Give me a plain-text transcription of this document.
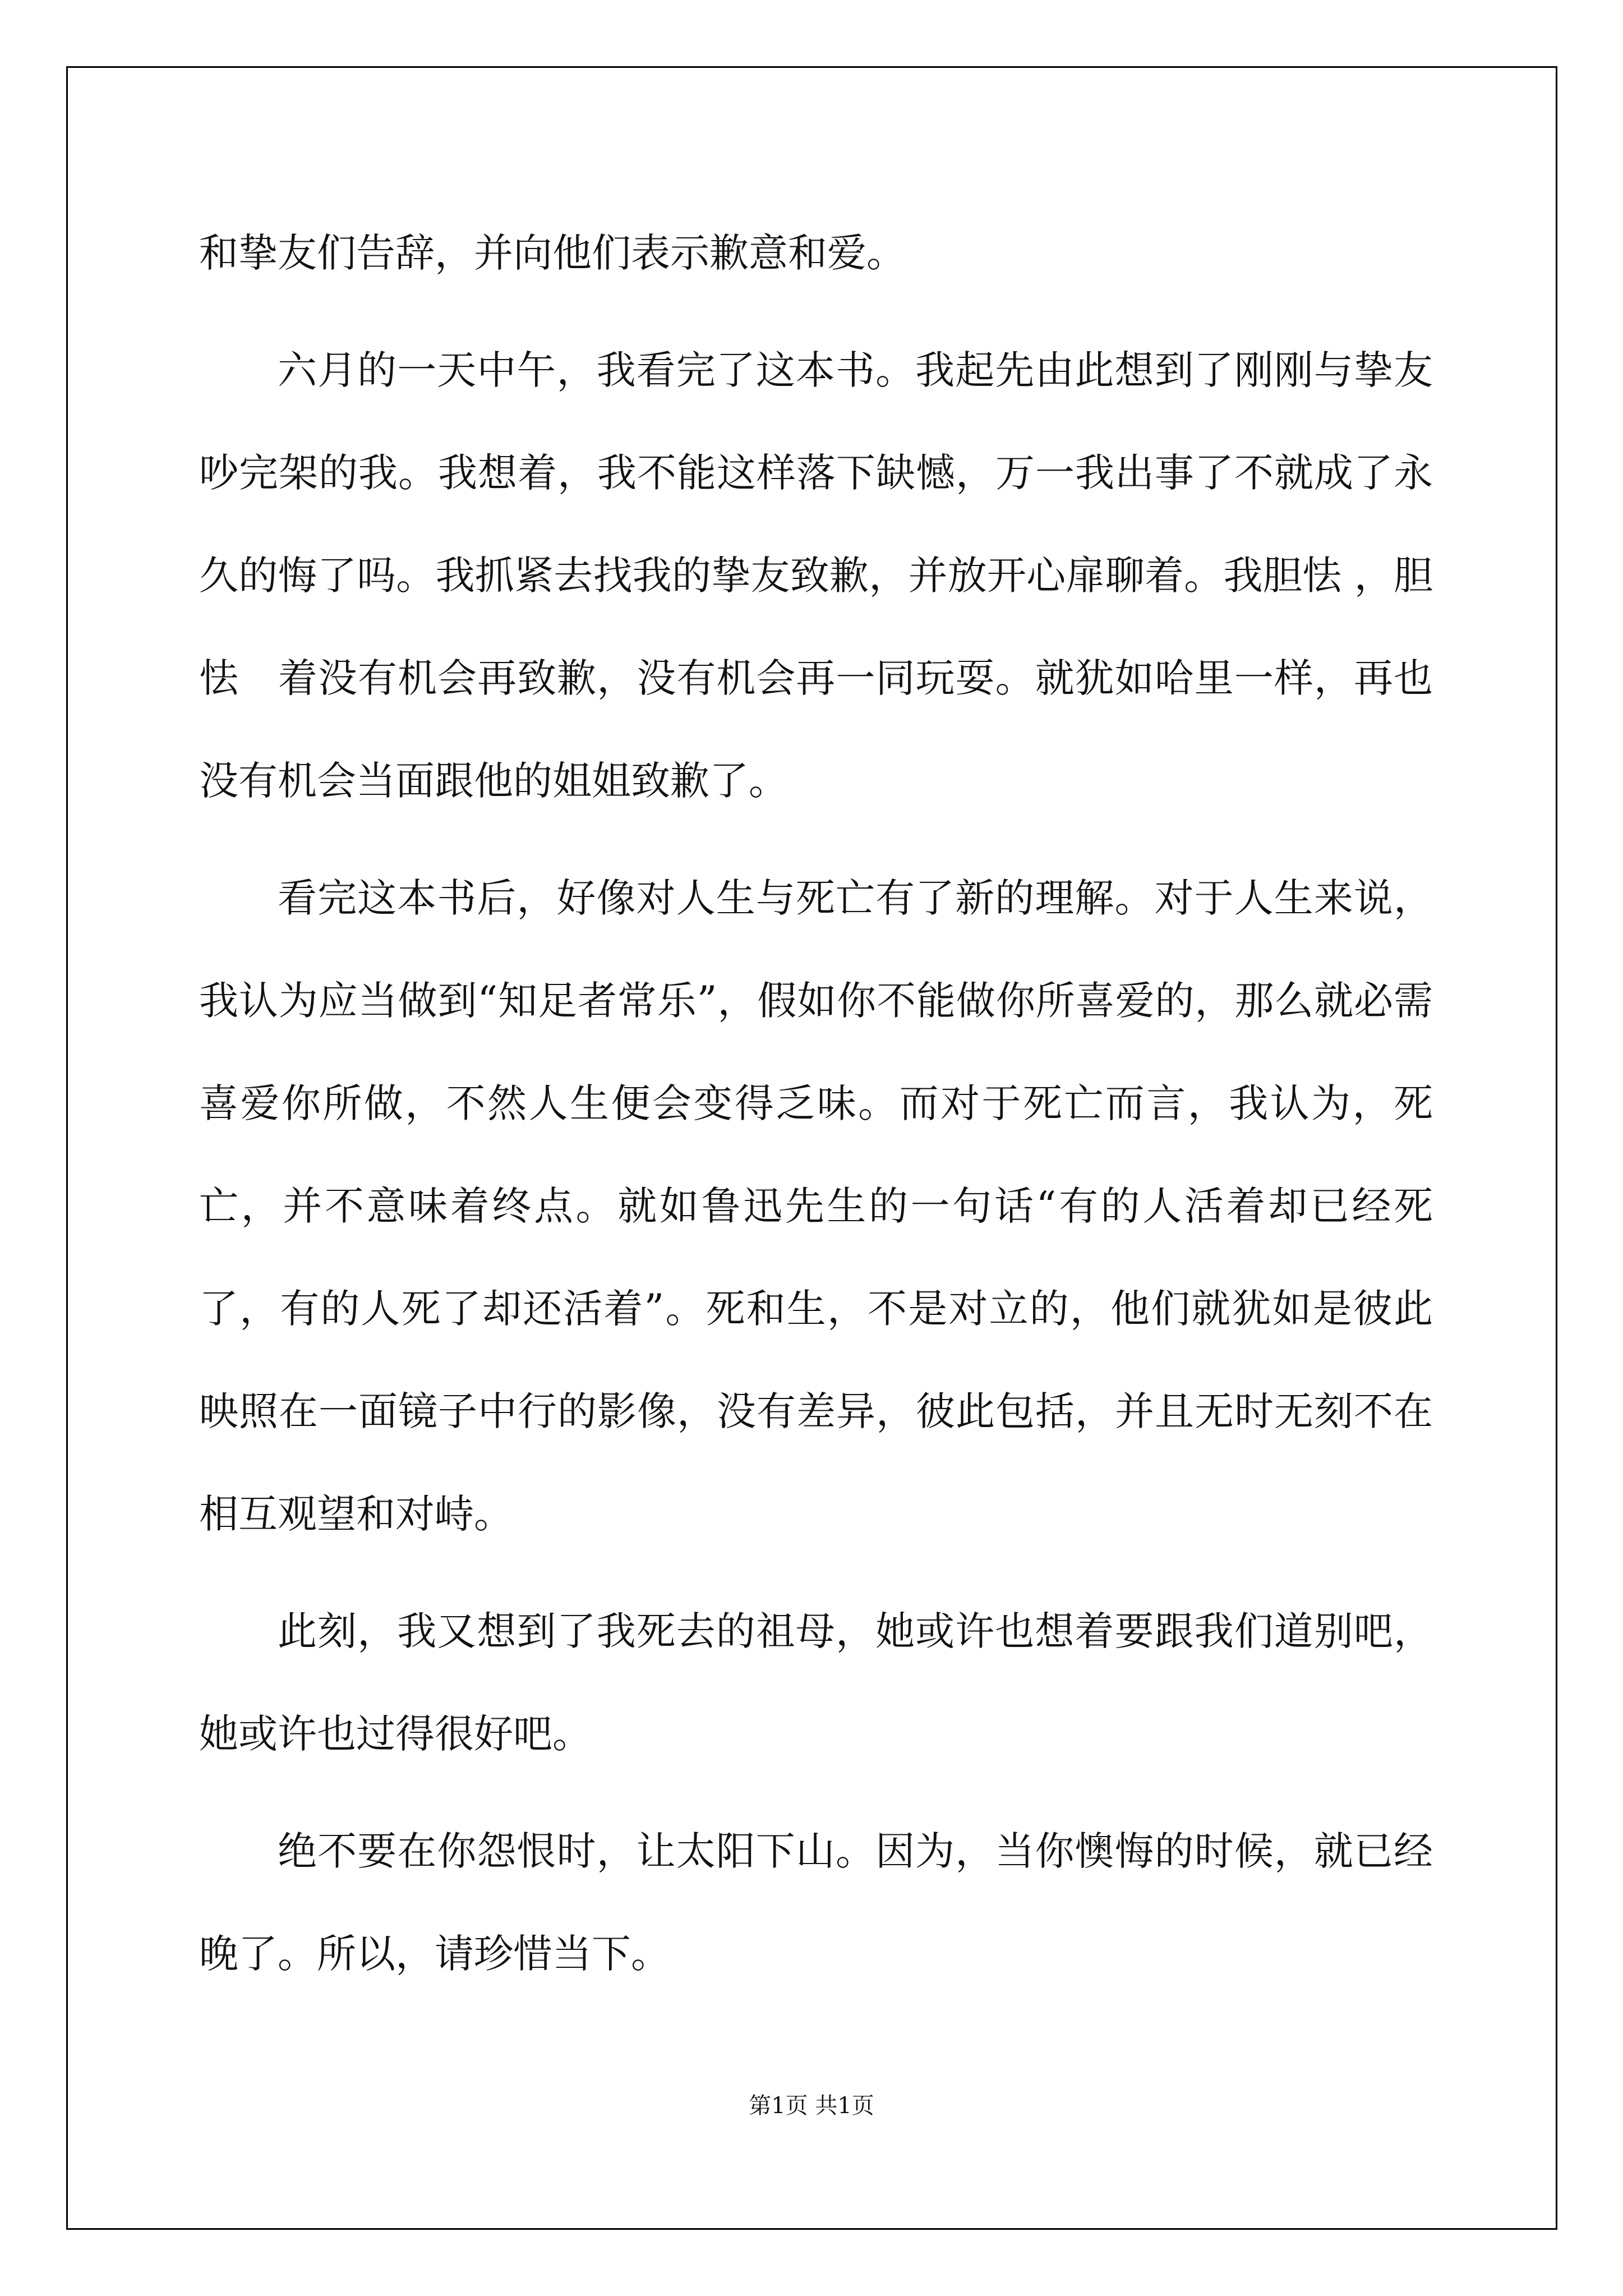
和挚友们告辞，并向他们表示歉意和爱。

六月的一天中午，我看完了这本书。我起先由此想到了刚刚与挚友吵完架的我。我想着，我不能这样落下缺憾，万一我出事了不就成了永久的悔了吗。我抓紧去找我的挚友致歉，并放开心扉聊着。我胆怯 ，胆怯   着没有机会再致歉，没有机会再一同玩耍。就犹如哈里一样，再也没有机会当面跟他的姐姐致歉了。

看完这本书后，好像对人生与死亡有了新的理解。对于人生来说，我认为应当做到“知足者常乐”，假如你不能做你所喜爱的，那么就必需喜爱你所做，不然人生便会变得乏味。而对于死亡而言，我认为，死亡，并不意味着终点。就如鲁迅先生的一句话“有的人活着却已经死了，有的人死了却还活着”。死和生，不是对立的，他们就犹如是彼此映照在一面镜子中行的影像，没有差异，彼此包括，并且无时无刻不在相互观望和对峙。

此刻，我又想到了我死去的祖母，她或许也想着要跟我们道别吧，她或许也过得很好吧。

绝不要在你怨恨时，让太阳下山。因为，当你懊悔的时候，就已经晚了。所以，请珍惜当下。

第1页 共1页
